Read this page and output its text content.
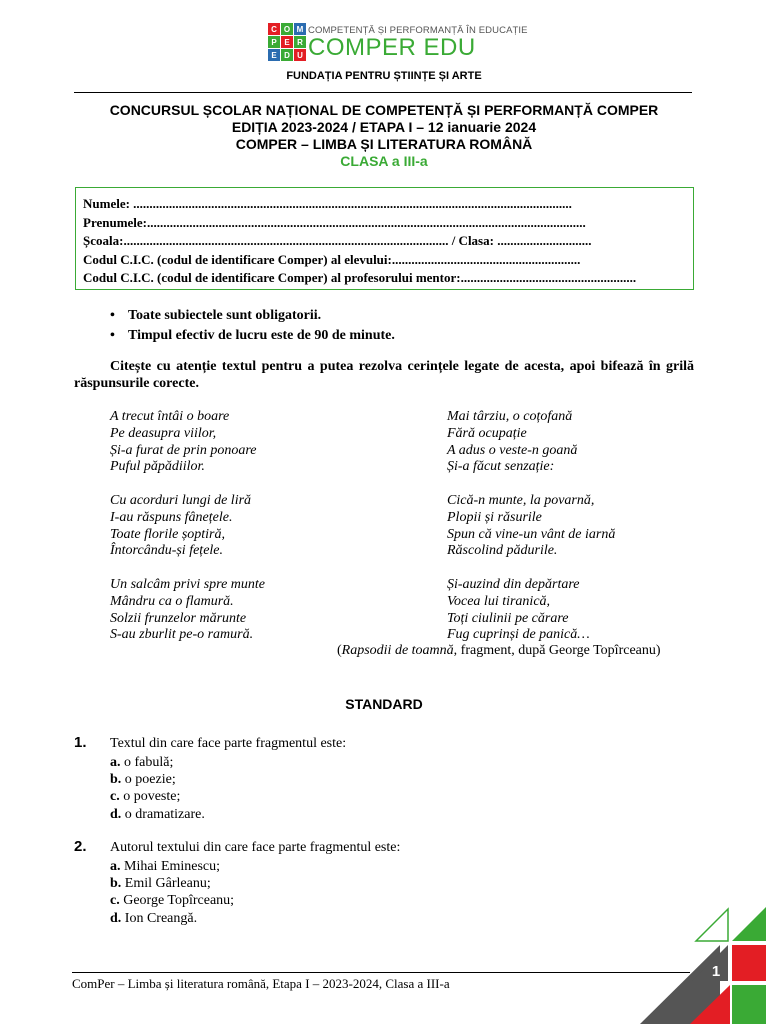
C O M
P E R
E D U
COMPETENȚĂ ȘI PERFORMANȚĂ ÎN EDUCAȚIE
COMPER EDU
FUNDAȚIA PENTRU ȘTIINȚE ȘI ARTE
CONCURSUL ȘCOLAR NAȚIONAL DE COMPETENȚĂ ȘI PERFORMANȚĂ COMPER
EDIȚIA 2023-2024 / ETAPA I – 12 ianuarie 2024
COMPER – LIMBA ȘI LITERATURA ROMÂNĂ
CLASA a III-a
Numele: .......................................................................................................................................
Prenumele:.......................................................................................................................................
Școala:.................................................................................................... / Clasa: .............................
Codul C.I.C. (codul de identificare Comper) al elevului:..........................................................
Codul C.I.C. (codul de identificare Comper) al profesorului mentor:......................................................
• Toate subiectele sunt obligatorii.
• Timpul efectiv de lucru este de 90 de minute.
Citește cu atenție textul pentru a putea rezolva cerințele legate de acesta, apoi bifează în grilă răspunsurile corecte.
A trecut întâi o boare
Pe deasupra viilor,
Și-a furat de prin ponoare
Puful păpădiilor.
Cu acorduri lungi de liră
I-au răspuns fânețele.
Toate florile șoptiră,
Întorcându-și fețele.
Un salcâm privi spre munte
Mândru ca o flamură.
Solzii frunzelor mărunte
S-au zburlit pe-o ramură.
Mai târziu, o coțofană
Fără ocupație
A adus o veste-n goană
Și-a făcut senzație:
Cică-n munte, la povarnă,
Plopii și răsurile
Spun că vine-un vânt de iarnă
Răscolind pădurile.
Și-auzind din depărtare
Vocea lui tiranică,
Toți ciulinii pe cărare
Fug cuprinși de panică…
(Rapsodii de toamnă, fragment, după George Topîrceanu)
STANDARD
1. Textul din care face parte fragmentul este:
a. o fabulă;
b. o poezie;
c. o poveste;
d. o dramatizare.
2. Autorul textului din care face parte fragmentul este:
a. Mihai Eminescu;
b. Emil Gârleanu;
c. George Topîrceanu;
d. Ion Creangă.
ComPer – Limba și literatura română, Etapa I – 2023-2024, Clasa a III-a
1
